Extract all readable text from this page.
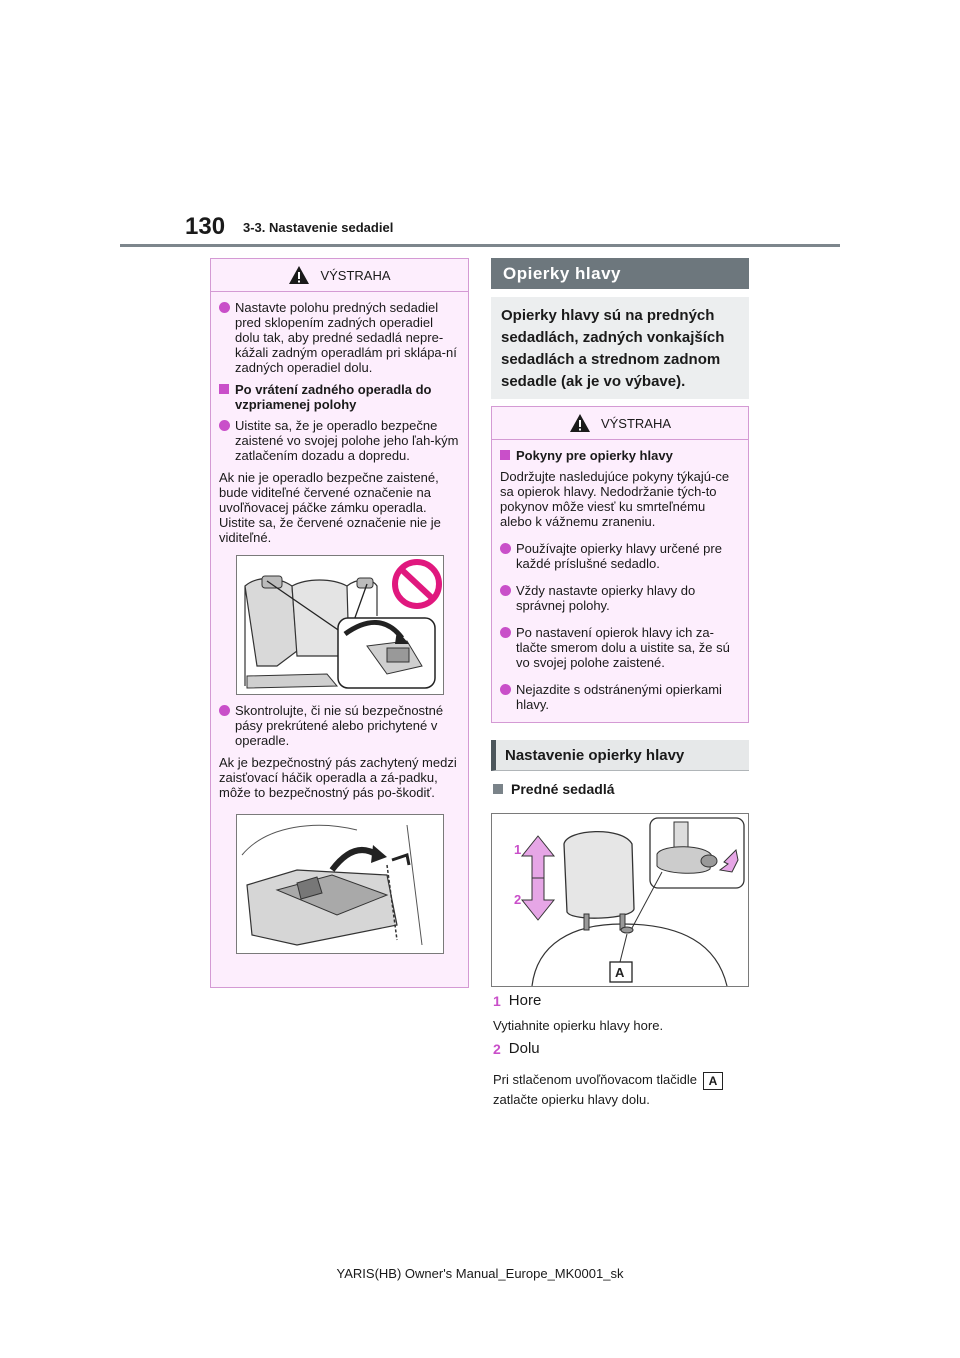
130 3-3. Nastavenie sedadiel
VÝSTRAHA
Nastavte polohu predných sedadiel pred sklopením zadných operadiel dolu tak, aby predné sedadlá nepre-kážali zadným operadlám pri sklápa-ní zadných operadiel dolu.
Po vrátení zadného operadla do vzpriamenej polohy
Uistite sa, že je operadlo bezpečne zaistené vo svojej polohe jeho ľah-kým zatlačením dozadu a dopredu.
Ak nie je operadlo bezpečne zaistené, bude viditeľné červené označenie na uvoľňovacej páčke zámku operadla. Uistite sa, že červené označenie nie je viditeľné.
Skontrolujte, či nie sú bezpečnostné pásy prekrútené alebo prichytené v operadle.
Ak je bezpečnostný pás zachytený medzi zaisťovací háčik operadla a zá-padku, môže to bezpečnostný pás po-škodiť.
Opierky hlavy
Opierky hlavy sú na predných sedadlách, zadných vonkajších sedadlách a strednom zadnom sedadle (ak je vo výbave).
VÝSTRAHA
Pokyny pre opierky hlavy
Dodržujte nasledujúce pokyny týkajú-ce sa opierok hlavy. Nedodržanie tých-to pokynov môže viesť ku smrteľnému alebo k vážnemu zraneniu.
Používajte opierky hlavy určené pre každé príslušné sedadlo.
Vždy nastavte opierky hlavy do správnej polohy.
Po nastavení opierok hlavy ich za-tlačte smerom dolu a uistite sa, že sú vo svojej polohe zaistené.
Nejazdite s odstránenými opierkami hlavy.
Nastavenie opierky hlavy
Predné sedadlá
1
2
A
1 Hore
Vytiahnite opierku hlavy hore.
2 Dolu
Pri stlačenom uvoľňovacom tlačidle A
zatlačte opierku hlavy dolu.
YARIS(HB) Owner's Manual_Europe_MK0001_sk
